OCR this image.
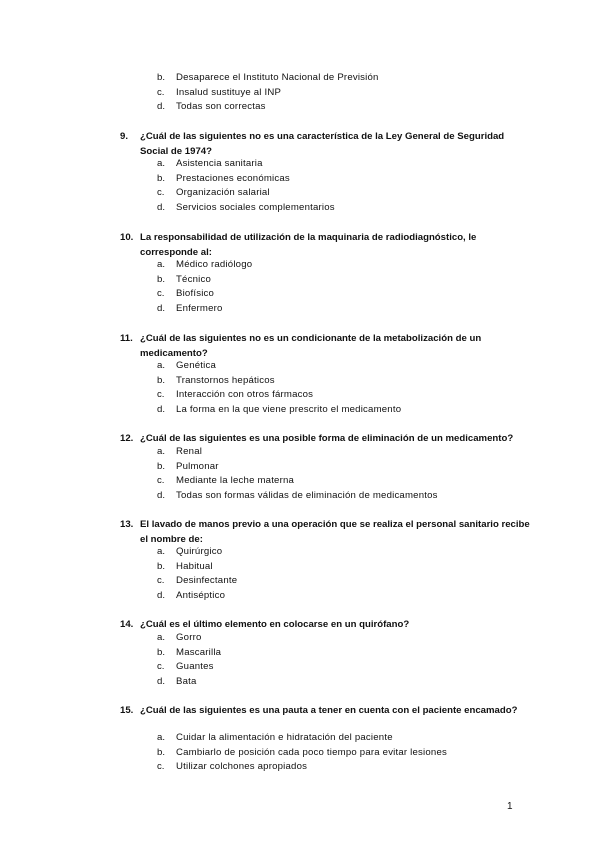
b. Desaparece el Instituto Nacional de Previsión
c. Insalud sustituye al INP
d. Todas son correctas
9. ¿Cuál de las siguientes no es una característica de la Ley General de Seguridad Social de 1974?

a. Asistencia sanitaria
b. Prestaciones económicas
c. Organización salarial
d. Servicios sociales complementarios
10. La responsabilidad de utilización de la maquinaria de radiodiagnóstico, le corresponde al:

a. Médico radiólogo
b. Técnico
c. Biofísico
d. Enfermero
11. ¿Cuál de las siguientes no es un condicionante de la metabolización de un medicamento?

a. Genética
b. Transtornos hepáticos
c. Interacción con otros fármacos
d. La forma en la que viene prescrito el medicamento
12. ¿Cuál de las siguientes es una posible forma de eliminación de un medicamento?

a. Renal
b. Pulmonar
c. Mediante la leche materna
d. Todas son formas válidas de eliminación de medicamentos
13. El lavado de manos previo a una operación que se realiza el personal sanitario recibe el nombre de:

a. Quirúrgico
b. Habitual
c. Desinfectante
d. Antiséptico
14. ¿Cuál es el último elemento en colocarse en un quirófano?

a. Gorro
b. Mascarilla
c. Guantes
d. Bata
15. ¿Cuál de las siguientes es una pauta a tener en cuenta con el paciente encamado?

a. Cuidar la alimentación e hidratación del paciente
b. Cambiarlo de posición cada poco tiempo para evitar lesiones
c. Utilizar colchones apropiados
1
